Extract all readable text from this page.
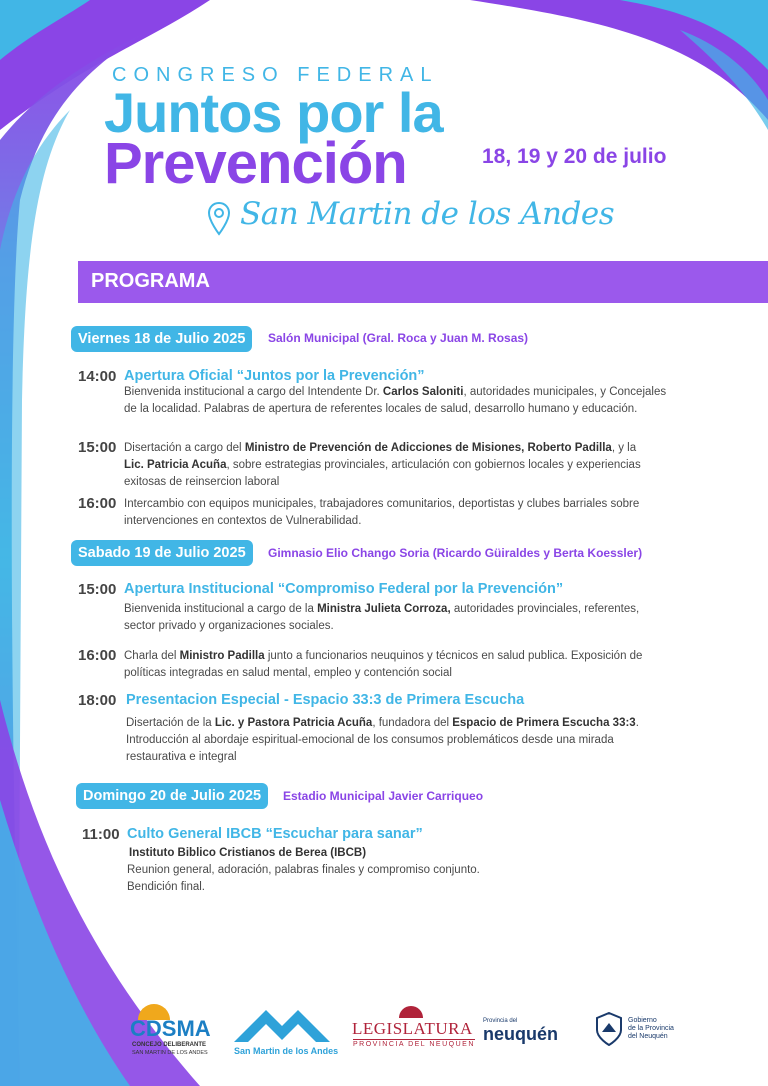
CONGRESO FEDERAL
Juntos por la
Prevención	18, 19 y 20 de julio
San Martin de los Andes
PROGRAMA
Viernes 18 de Julio 2025	Salón Municipal (Gral. Roca y Juan M. Rosas)
14:00 Apertura Oficial “Juntos por la Prevención”
Bienvenida institucional a cargo del Intendente Dr. Carlos Saloniti, autoridades municipales, y Concejales
de la localidad. Palabras de apertura de referentes locales de salud, desarrollo humano y educación.
15:00 Disertación a cargo del Ministro de Prevención de Adicciones de Misiones, Roberto Padilla, y la
Lic. Patricia Acuña, sobre estrategias provinciales, articulación con gobiernos locales y experiencias
exitosas de reinsercion laboral
16:00 Intercambio con equipos municipales, trabajadores comunitarios, deportistas y clubes barriales sobre
intervenciones en contextos de Vulnerabilidad.
Sabado 19 de Julio 2025	Gimnasio Elio Chango Soria (Ricardo Güiraldes y Berta Koessler)
15:00 Apertura Institucional “Compromiso Federal por la Prevención”
Bienvenida institucional a cargo de la Ministra Julieta Corroza, autoridades provinciales, referentes,
sector privado y organizaciones sociales.
16:00 Charla del Ministro Padilla junto a funcionarios neuquinos y técnicos en salud publica. Exposición de
políticas integradas en salud mental, empleo y contención social
18:00 Presentacion Especial - Espacio 33:3 de Primera Escucha
Disertación de la Lic. y Pastora Patricia Acuña, fundadora del Espacio de Primera Escucha 33:3.
Introducción al abordaje espiritual-emocional de los consumos problemáticos desde una mirada
restaurativa e integral
Domingo 20 de Julio 2025	Estadio Municipal Javier Carriqueo
11:00 Culto General IBCB “Escuchar para sanar”
Instituto Biblico Cristianos de Berea (IBCB)
Reunion general, adoración, palabras finales y compromiso conjunto.
Bendición final.
CDSMA
CONCEJO DELIBERANTE
SAN MARTIN DE LOS ANDES	San Martin de los Andes
LEGISLATURA
PROVINCIA DEL NEUQUEN
Provincia del
neuquén
Gobierno
de la Provincia
del Neuquén
